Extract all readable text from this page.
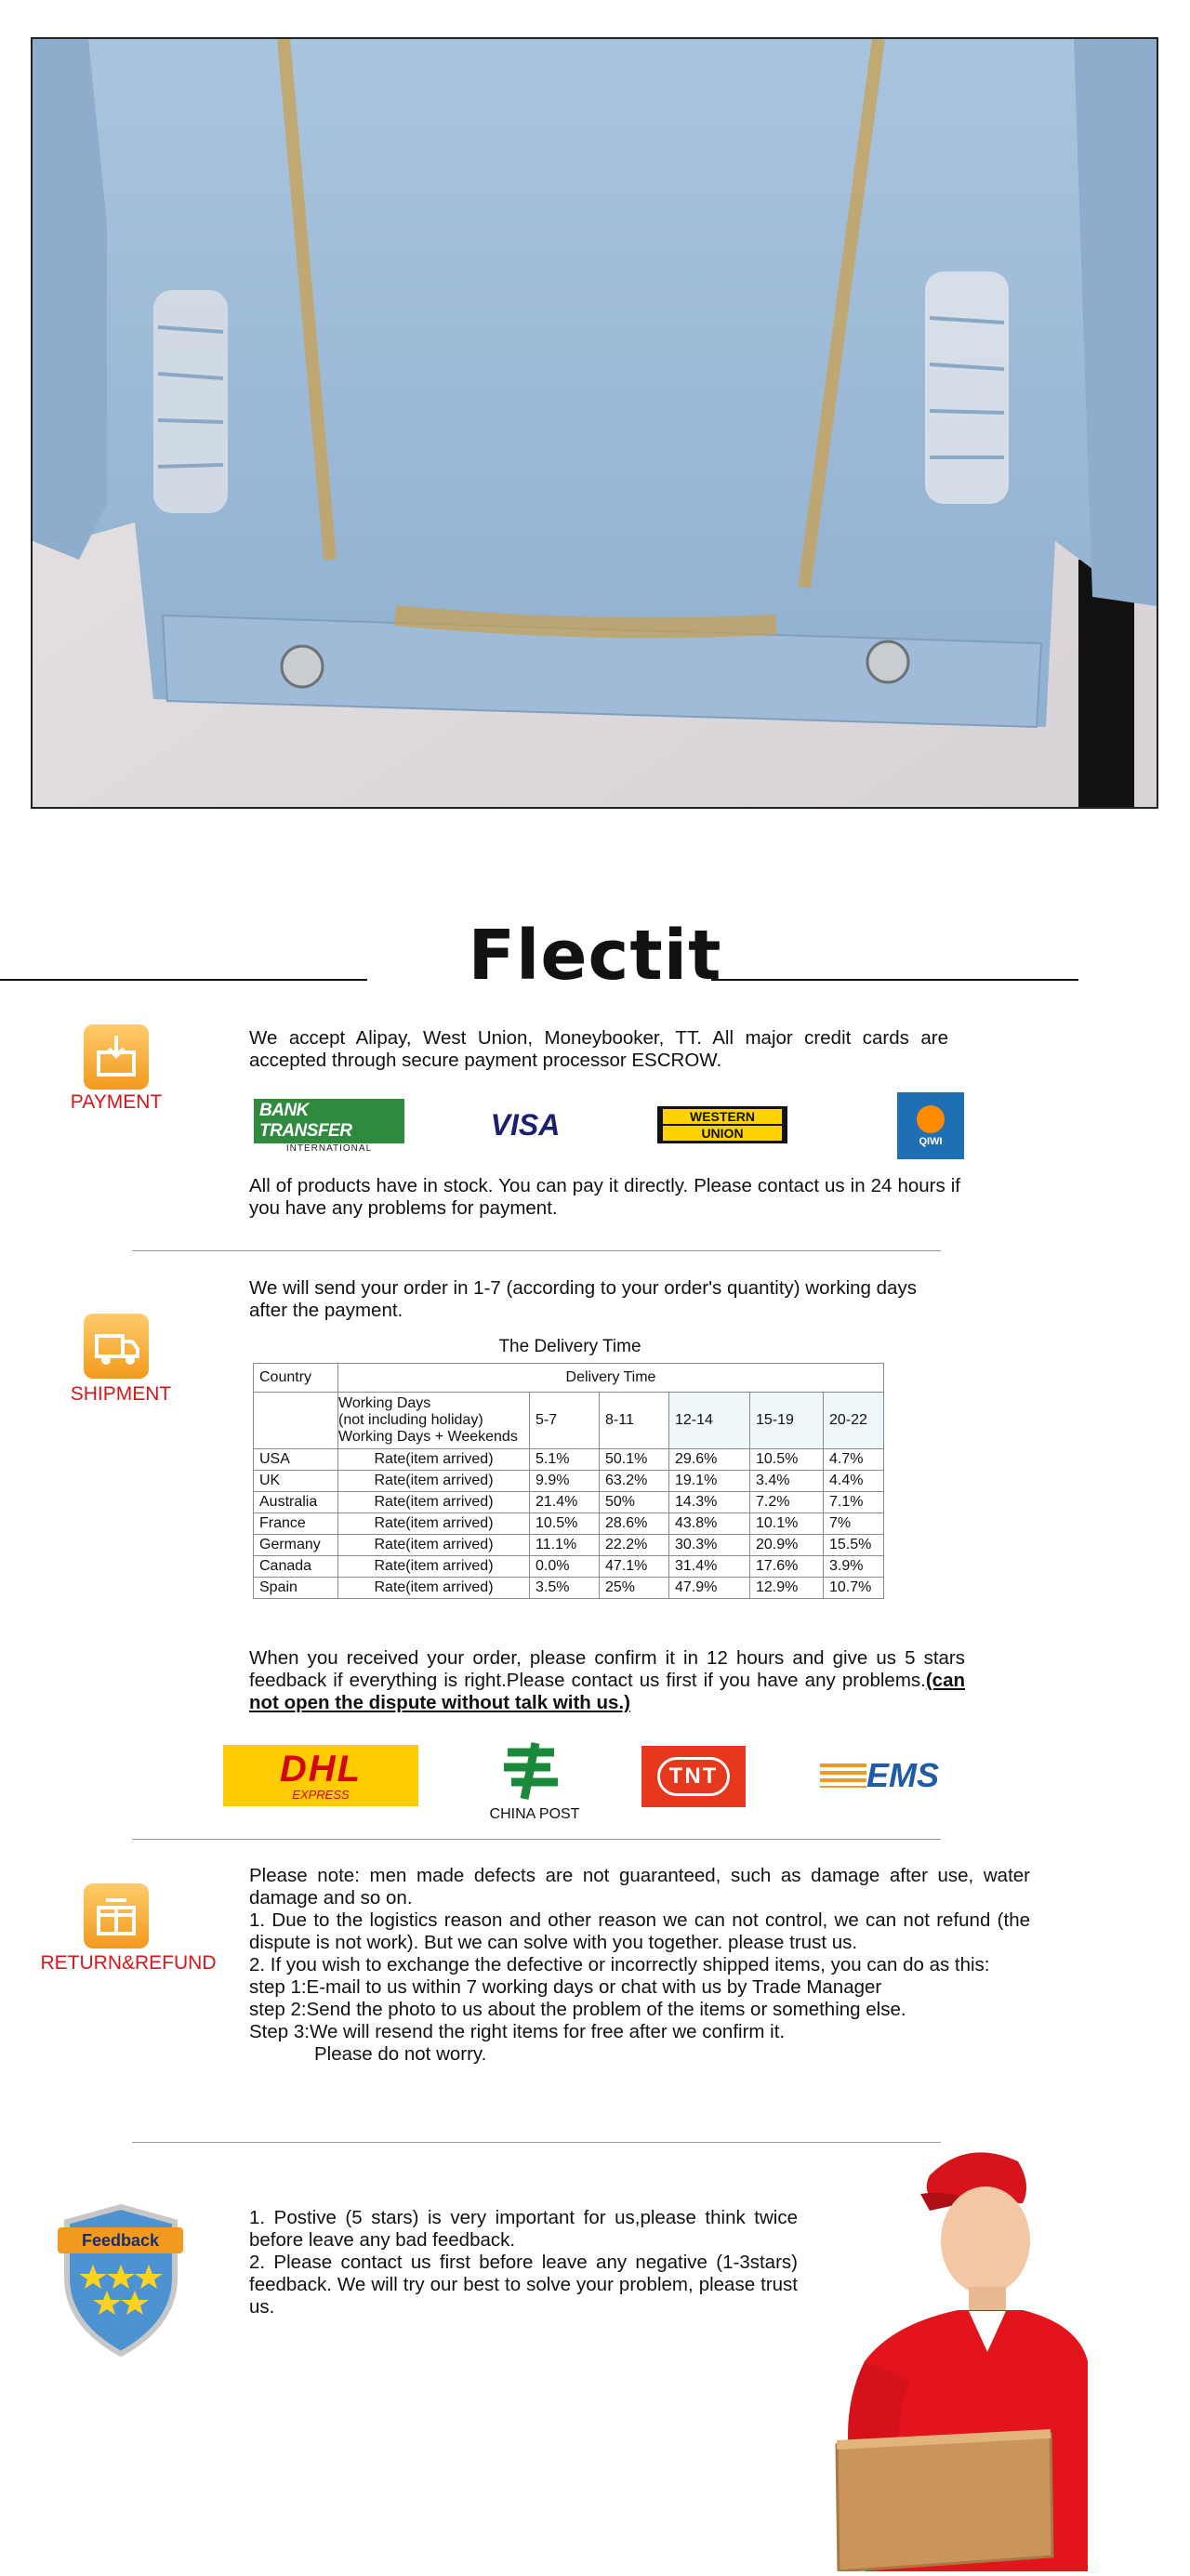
Flectit
PAYMENT
We accept Alipay, West Union, Moneybooker, TT. All major credit cards are accepted through secure payment processor ESCROW.
BANK TRANSFER
INTERNATIONAL
VISA	WESTERN
UNION
QIWI
All of products have in stock. You can pay it directly. Please contact us in 24 hours if you have any problems for payment.
SHIPMENT
We will send your order in 1-7 (according to your order's quantity) working days after the payment.
The Delivery Time
Country	Delivery Time					

	Working Days
(not including holiday)
Working Days + Weekends	5-7	8-11	12-14	15-19	20-22
USA	Rate(item arrived)	5.1%	50.1%	29.6%	10.5%	4.7%
UK	Rate(item arrived)	9.9%	63.2%	19.1%	3.4%	4.4%
Australia	Rate(item arrived)	21.4%	50%	14.3%	7.2%	7.1%
France	Rate(item arrived)	10.5%	28.6%	43.8%	10.1%	7%
Germany	Rate(item arrived)	11.1%	22.2%	30.3%	20.9%	15.5%
Canada	Rate(item arrived)	0.0%	47.1%	31.4%	17.6%	3.9%
Spain	Rate(item arrived)	3.5%	25%	47.9%	12.9%	10.7%
When you received your order, please confirm it in 12 hours and give us 5 stars feedback if everything is right.Please contact us first if you have any problems.(can not open the dispute without talk with us.)
DHL
EXPRESS
CHINA POST
TNT	EMS
RETURN&REFUND
Please note: men made defects are not guaranteed, such as damage after use, water damage and so on.
1. Due to the logistics reason and other reason we can not control, we can not refund (the dispute is not work). But we can solve with you together. please trust us.
2. If you wish to exchange the defective or incorrectly shipped items, you can do as this:
step 1:E-mail to us within 7 working days or chat with us by Trade Manager
step 2:Send the photo to us about the problem of the items or something else.
Step 3:We will resend the right items for free after we confirm it.
Please do not worry.
Feedback
1. Postive (5 stars) is very important for us,please think twice before leave any bad feedback.
2. Please contact us first before leave any negative (1-3stars) feedback. We will try our best to solve your problem, please trust us.
